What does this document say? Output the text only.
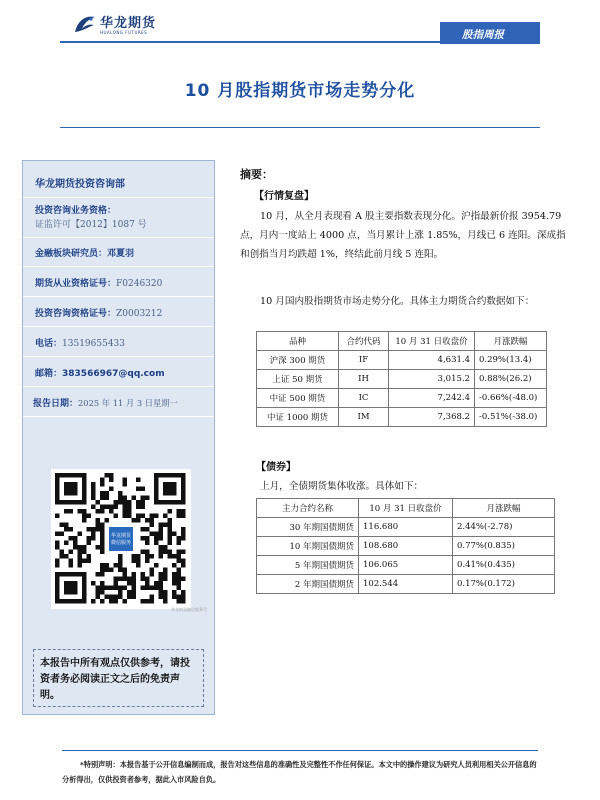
华龙期货
HUALONG FUTURES	股指周报
10 月股指期货市场走势分化
华龙期货投资咨询部
投资咨询业务资格：
证监许可【2012】1087 号
金融板块研究员：邓夏羽
期货从业资格证号：F0246320
投资咨询资格证号：Z0003212
电话：13519655433
邮箱：383566967@qq.com
报告日期：2025 年 11 月 3 日星期一
华龙期货 微信服务
华龙期货微信服务号
本报告中所有观点仅供参考，请投资者务必阅读正文之后的免责声明。
摘要：
【行情复盘】
10 月，从全月表现看 A 股主要指数表现分化。沪指最新价报 3954.79 点，月内一度站上 4000 点，当月累计上涨 1.85%，月线已 6 连阳。深成指和创指当月均跌超 1%，终结此前月线 5 连阳。
10 月国内股指期货市场走势分化。具体主力期货合约数据如下：
品种	合约代码	10 月 31 日收盘价	月涨跌幅
沪深 300 期货	IF	4,631.4	0.29%(13.4)
上证 50 期货	IH	3,015.2	0.88%(26.2)
中证 500 期货	IC	7,242.4	-0.66%(-48.0)
中证 1000 期货	IM	7,368.2	-0.51%(-38.0)
【债券】
上月，全债期货集体收涨。具体如下：
主力合约名称	10 月 31 日收盘价	月涨跌幅
30 年期国债期货	116.680	2.44%(-2.78)
10 年期国债期货	108.680	0.77%(0.835)
5 年期国债期货	106.065	0.41%(0.435)
2 年期国债期货	102.544	0.17%(0.172)
*特别声明：本报告基于公开信息编制而成，报告对这些信息的准确性及完整性不作任何保证。本文中的操作建议为研究人员利用相关公开信息的分析得出，仅供投资者参考，据此入市风险自负。
